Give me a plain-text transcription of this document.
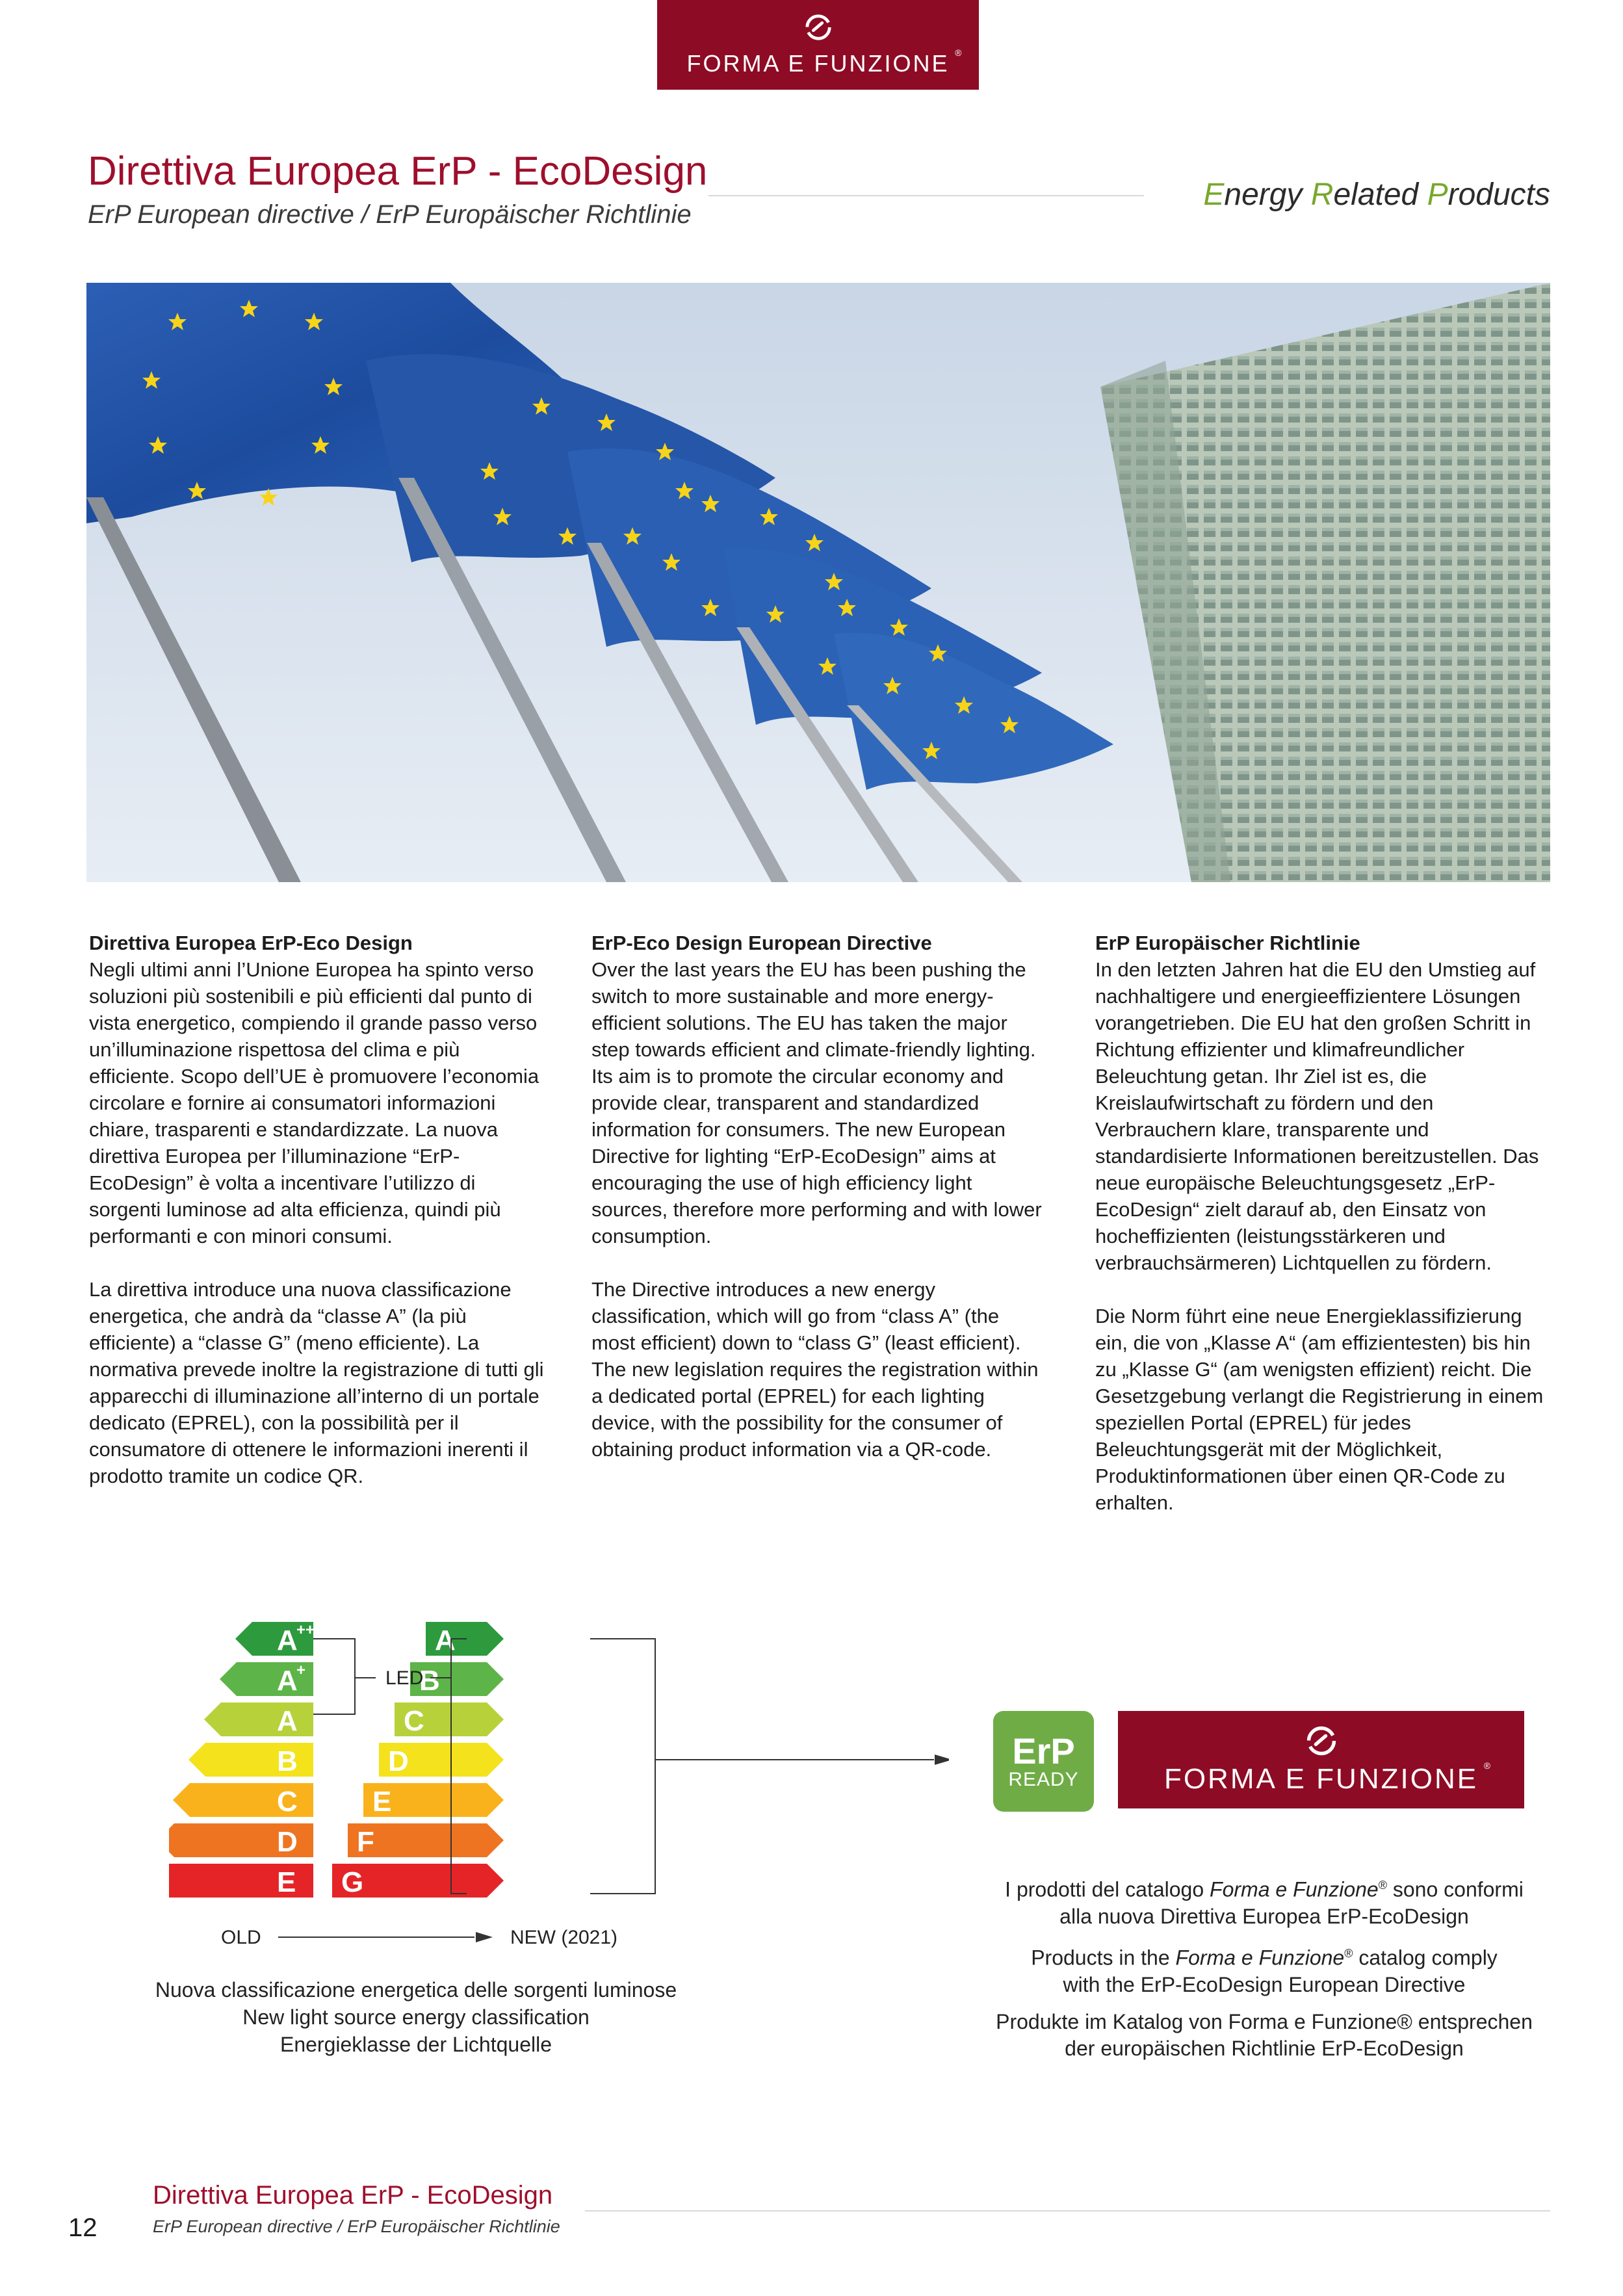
FORMA E FUNZIONE ®
Direttiva Europea ErP - EcoDesign
ErP European directive / ErP Europäischer Richtlinie
Energy Related Products
Direttiva Europea ErP-Eco Design

Negli ultimi anni l’Unione Europea ha spinto verso soluzioni più sostenibili e più efficienti dal punto di vista energetico, compiendo il grande passo verso un’illuminazione rispettosa del clima e più efficiente. Scopo dell’UE è promuovere l’economia circolare e fornire ai consumatori informazioni chiare, trasparenti e standardizzate. La nuova direttiva Europea per l’illuminazione “ErP-EcoDesign” è volta a incentivare l’utilizzo di sorgenti luminose ad alta efficienza, quindi più performanti e con minori consumi.

La direttiva introduce una nuova classificazione energetica, che andrà da “classe A” (la più efficiente) a “classe G” (meno efficiente). La normativa prevede inoltre la registrazione di tutti gli apparecchi di illuminazione all’interno di un portale dedicato (EPREL), con la possibilità per il consumatore di ottenere le informazioni inerenti il prodotto tramite un codice QR.

ErP-Eco Design European Directive

Over the last years the EU has been pushing the switch to more sustainable and more energy-efficient solutions. The EU has taken the major step towards efficient and climate-friendly lighting. Its aim is to promote the circular economy and provide clear, transparent and standardized information for consumers. The new European Directive for lighting “ErP-EcoDesign” aims at encouraging the use of high efficiency light sources, therefore more performing and with lower consumption.

The Directive introduces a new energy classification, which will go from “class A” (the most efficient) down to “class G” (least efficient). The new legislation requires the registration within a dedicated portal (EPREL) for each lighting device, with the possibility for the consumer of obtaining product information via a QR-code.

ErP Europäischer Richtlinie

In den letzten Jahren hat die EU den Umstieg auf nachhaltigere und energieeffizientere Lösungen vorangetrieben. Die EU hat den großen Schritt in Richtung effizienter und klimafreundlicher Beleuchtung getan. Ihr Ziel ist es, die Kreislaufwirtschaft zu fördern und den Verbrauchern klare, transparente und standardisierte Informationen bereitzustellen. Das neue europäische Beleuchtungsgesetz „ErP-EcoDesign“ zielt darauf ab, den Einsatz von hocheffizienten (leistungsstärkeren und verbrauchsärmeren) Lichtquellen zu fördern.

Die Norm führt eine neue Energieklassifizierung ein, die von „Klasse A“ (am effizientesten) bis hin zu „Klasse G“ (am wenigsten effizient) reicht. Die Gesetzgebung verlangt die Registrierung in einem speziellen Portal (EPREL) für jedes Beleuchtungsgerät mit der Möglichkeit, Produktinformationen über einen QR-Code zu erhalten.

A
++
A
+
A
B
C
D
E
A
B
C
D
E
F
G
LED
OLD	NEW (2021)
Nuova classificazione energetica delle sorgenti luminose
New light source energy classification
Energieklasse der Lichtquelle
ErP
READY	FORMA E FUNZIONE ®
I prodotti del catalogo Forma e Funzione® sono conformi
alla nuova Direttiva Europea ErP-EcoDesign
Products in the Forma e Funzione® catalog comply
with the ErP-EcoDesign European Directive
Produkte im Katalog von Forma e Funzione® entsprechen
der europäischen Richtlinie ErP-EcoDesign
12
Direttiva Europea ErP - EcoDesign
ErP European directive / ErP Europäischer Richtlinie
